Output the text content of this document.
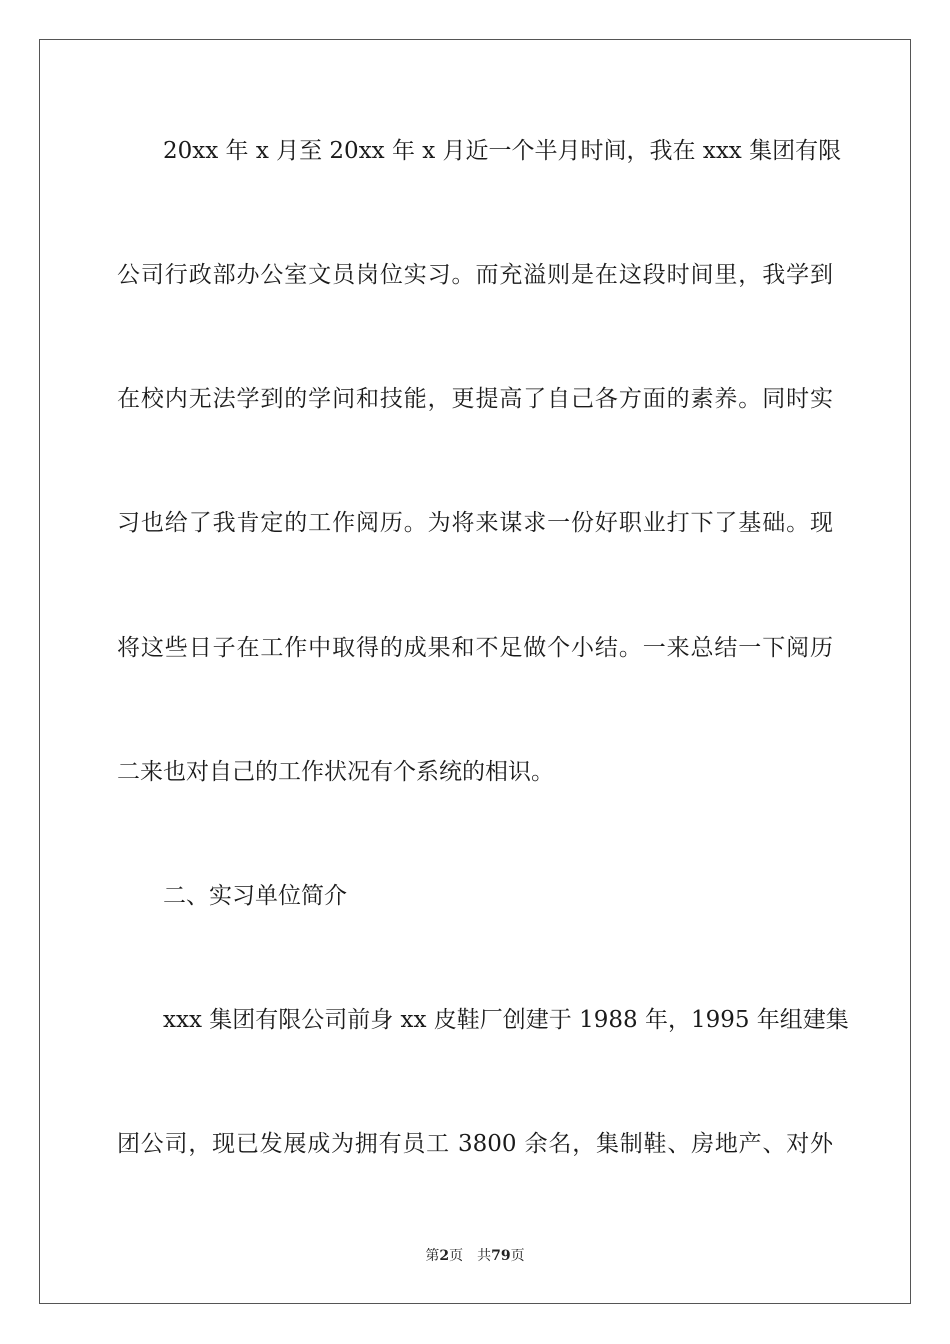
20xx 年 x 月至 20xx 年 x 月近一个半月时间，我在 xxx 集团有限
公司行政部办公室文员岗位实习。而充溢则是在这段时间里，我学到
在校内无法学到的学问和技能，更提高了自己各方面的素养。同时实
习也给了我肯定的工作阅历。为将来谋求一份好职业打下了基础。现
将这些日子在工作中取得的成果和不足做个小结。一来总结一下阅历
二来也对自己的工作状况有个系统的相识。
二、实习单位简介
xxx 集团有限公司前身 xx 皮鞋厂创建于 1988 年，1995 年组建集
团公司，现已发展成为拥有员工 3800 余名，集制鞋、房地产、对外
第2页 共79页
